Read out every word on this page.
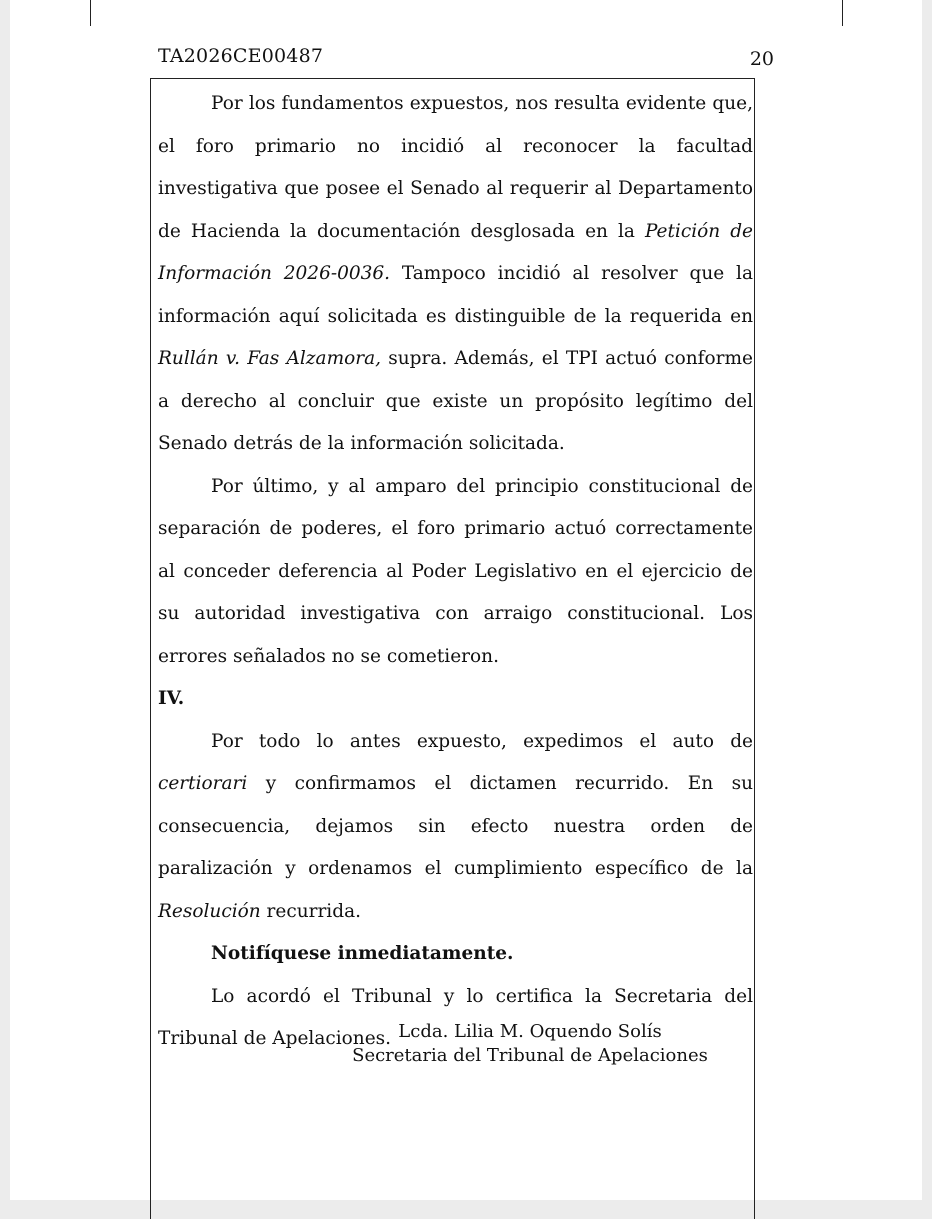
TA2026CE00487	20

Por los fundamentos expuestos, nos resulta evidente que, el foro primario no incidió al reconocer la facultad investigativa que posee el Senado al requerir al Departamento de Hacienda la documentación desglosada en la Petición de Información 2026-0036. Tampoco incidió al resolver que la información aquí solicitada es distinguible de la requerida en Rullán v. Fas Alzamora, supra. Además, el TPI actuó conforme a derecho al concluir que existe un propósito legítimo del Senado detrás de la información solicitada.

Por último, y al amparo del principio constitucional de separación de poderes, el foro primario actuó correctamente al conceder deferencia al Poder Legislativo en el ejercicio de su autoridad investigativa con arraigo constitucional. Los errores señalados no se cometieron.

IV.

Por todo lo antes expuesto, expedimos el auto de certiorari y confirmamos el dictamen recurrido. En su consecuencia, dejamos sin efecto nuestra orden de paralización y ordenamos el cumplimiento específico de la Resolución recurrida.

Notifíquese inmediatamente.

Lo acordó el Tribunal y lo certifica la Secretaria del Tribunal de Apelaciones. Lcda. Lilia M. Oquendo Solís
Secretaria del Tribunal de Apelaciones
